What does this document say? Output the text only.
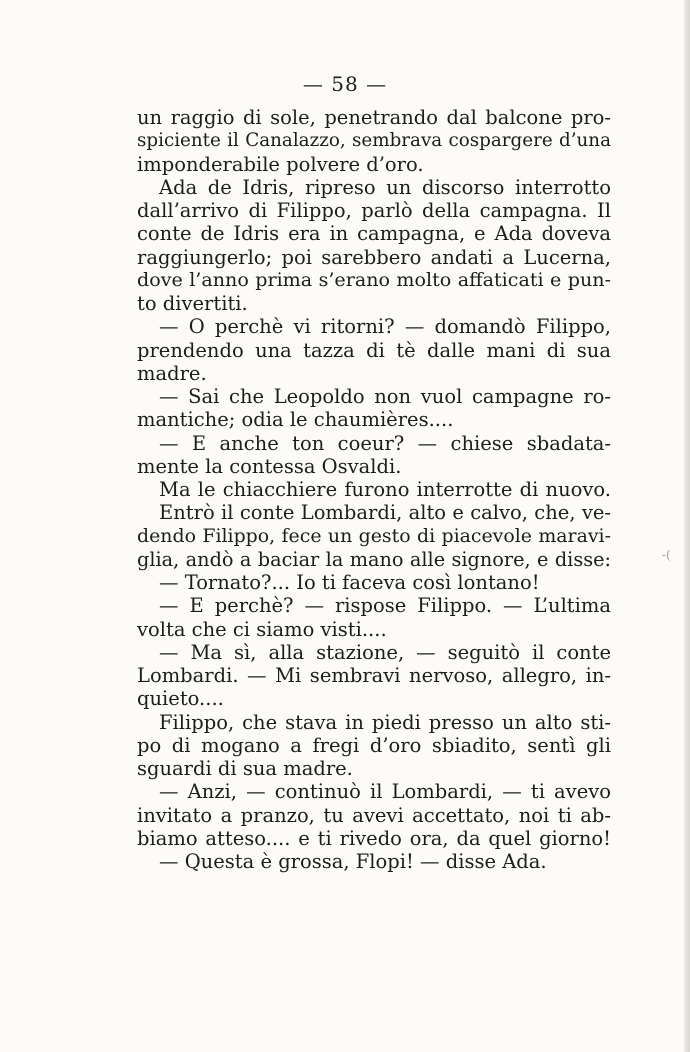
— 58 —
un raggio di sole, penetrando dal balcone pro-
spiciente il Canalazzo, sembrava cospargere d’una
imponderabile polvere d’oro.
Ada de Idris, ripreso un discorso interrotto
dall’arrivo di Filippo, parlò della campagna. Il
conte de Idris era in campagna, e Ada doveva
raggiungerlo; poi sarebbero andati a Lucerna,
dove l’anno prima s’erano molto affaticati e pun-
to divertiti.
— O perchè vi ritorni? — domandò Filippo,
prendendo una tazza di tè dalle mani di sua
madre.
— Sai che Leopoldo non vuol campagne ro-
mantiche; odia le chaumières....
— E anche ton coeur? — chiese sbadata-
mente la contessa Osvaldi.
Ma le chiacchiere furono interrotte di nuovo.
Entrò il conte Lombardi, alto e calvo, che, ve-
dendo Filippo, fece un gesto di piacevole maravi-
glia, andò a baciar la mano alle signore, e disse:
— Tornato?... Io ti faceva così lontano!
— E perchè? — rispose Filippo. — L’ultima
volta che ci siamo visti....
— Ma sì, alla stazione, — seguitò il conte
Lombardi. — Mi sembravi nervoso, allegro, in-
quieto....
Filippo, che stava in piedi presso un alto sti-
po di mogano a fregi d’oro sbiadito, sentì gli
sguardi di sua madre.
— Anzi, — continuò il Lombardi, — ti avevo
invitato a pranzo, tu avevi accettato, noi ti ab-
biamo atteso.... e ti rivedo ora, da quel giorno!
— Questa è grossa, Flopi! — disse Ada.
‑(
